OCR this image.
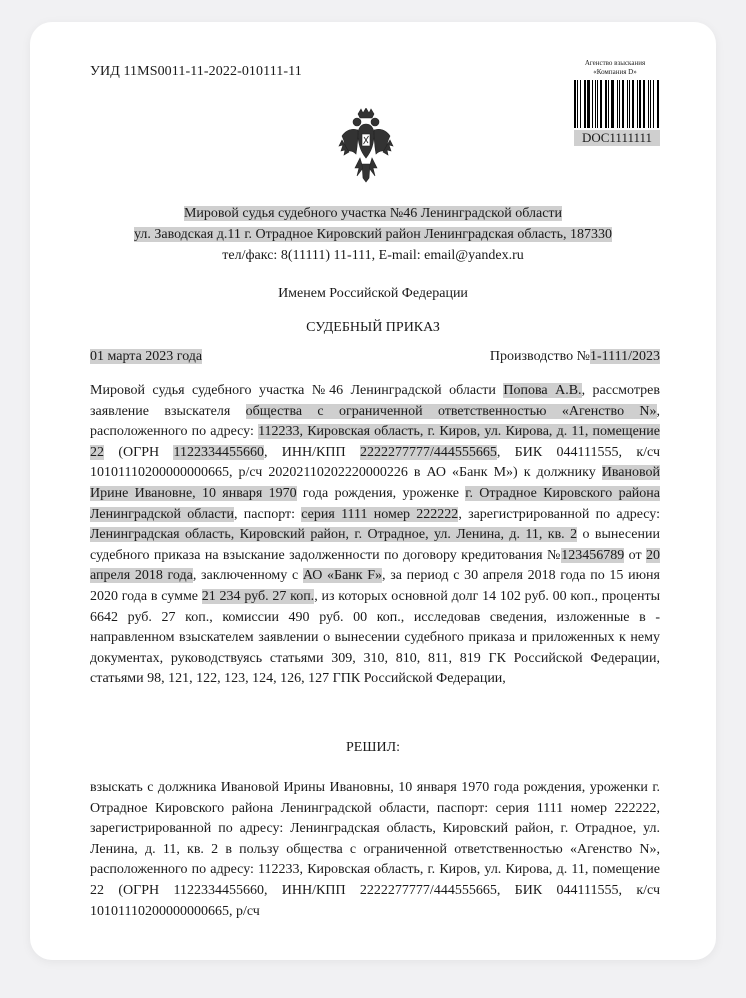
УИД 11MS0011-11-2022-010111-11
Агенство взыскания
«Компания D»
DOC1111111
Мировой судья судебного участка №46 Ленинградской области
ул. Заводская д.11 г. Отрадное Кировский район Ленинградская область, 187330
тел/факс: 8(11111) 11-111, E-mail: email@yandex.ru
Именем Российской Федерации
СУДЕБНЫЙ ПРИКАЗ
01 марта 2023 года	Производство №1-1111/2023
Мировой судья судебного участка №46 Ленинградской области Попова А.В., рассмотрев заявление взыскателя общества с ограниченной ответственностью «Агенство N», расположенного по адресу: 112233, Кировская область, г. Киров, ул. Кирова, д. 11, помещение 22 (ОГРН 1122334455660, ИНН/КПП 2222277777/444555665, БИК 044111555, к/сч 10101110200000000665, р/сч 20202110202220000226 в АО «Банк М») к должнику Ивановой Ирине Ивановне, 10 января 1970 года рождения, уроженке г. Отрадное Кировского района Ленинградской области, паспорт: серия 1111 номер 222222, зарегистрированной по адресу: Ленинградская область, Кировский район, г. Отрадное, ул. Ленина, д. 11, кв. 2 о вынесении судебного приказа на взыскание задолженности по договору кредитования №123456789 от 20 апреля 2018 года, заключенному с АО «Банк F», за период с 30 апреля 2018 года по 15 июня 2020 года в сумме 21 234 руб. 27 коп., из которых основной долг 14 102 руб. 00 коп., проценты 6642 руб. 27 коп., комиссии 490 руб. 00 коп., исследовав сведения, изложенные в - направленном взыскателем заявлении о вынесении судебного приказа и приложенных к нему документах, руководствуясь статьями 309, 310, 810, 811, 819 ГК Российской Федерации, статьями 98, 121, 122, 123, 124, 126, 127 ГПК Российской Федерации,
РЕШИЛ:
взыскать с должника Ивановой Ирины Ивановны, 10 января 1970 года рождения, уроженки г. Отрадное Кировского района Ленинградской области, паспорт: серия 1111 номер 222222, зарегистрированной по адресу: Ленинградская область, Кировский район, г. Отрадное, ул. Ленина, д. 11, кв. 2 в пользу общества с ограниченной ответственностью «Агенство N», расположенного по адресу: 112233, Кировская область, г. Киров, ул. Кирова, д. 11, помещение 22 (ОГРН 1122334455660, ИНН/КПП 2222277777/444555665, БИК 044111555, к/сч 10101110200000000665, р/сч
